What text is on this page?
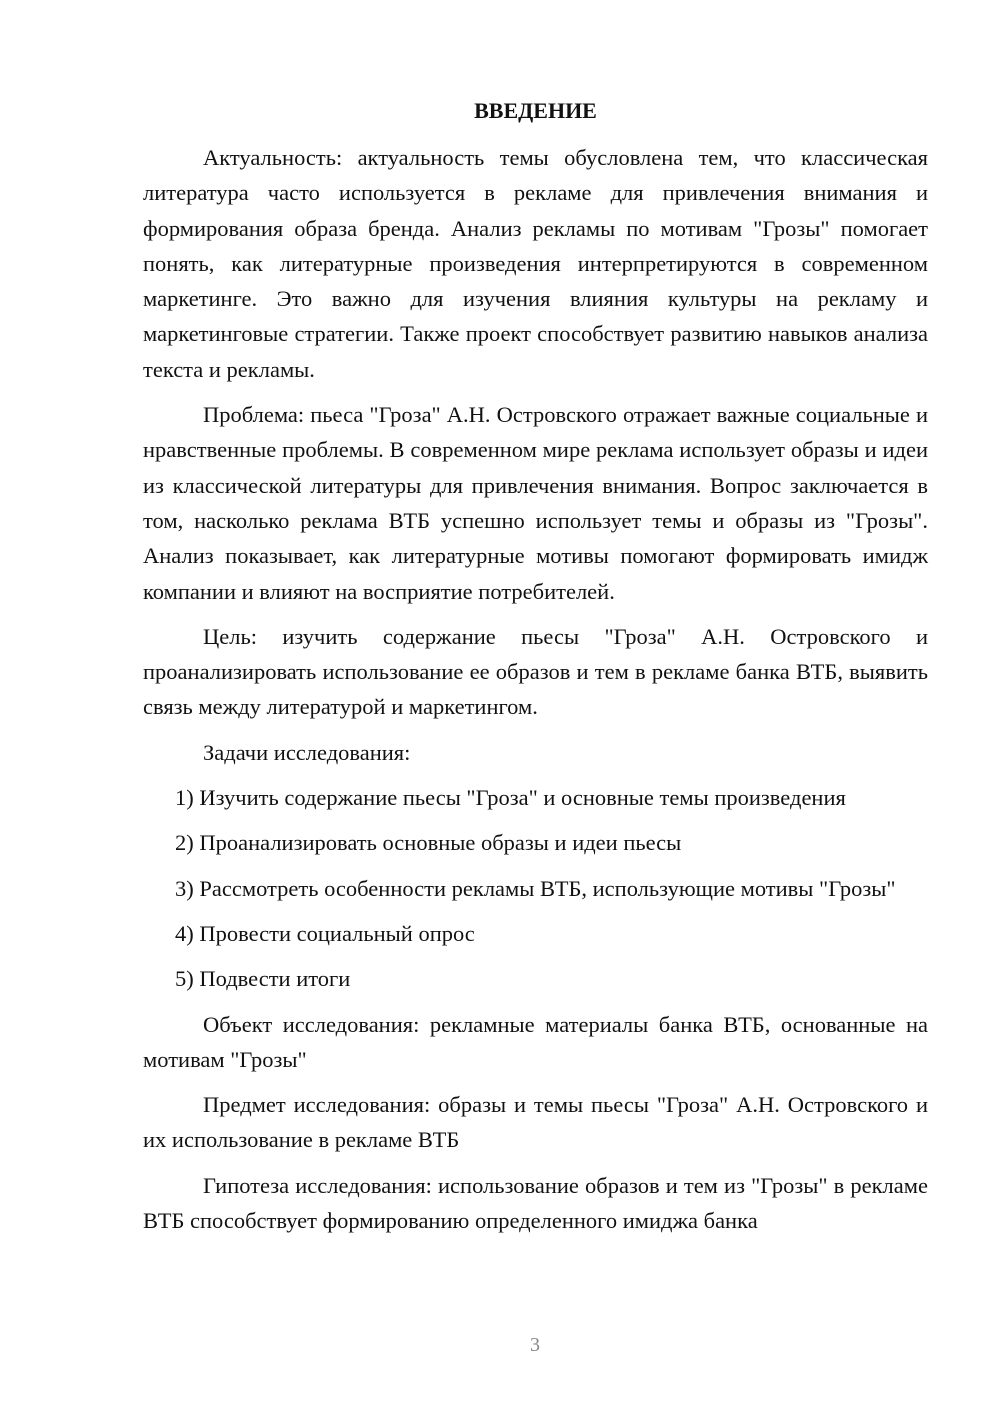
ВВЕДЕНИЕ

Актуальность: актуальность темы обусловлена тем, что классическая литература часто используется в рекламе для привлечения внимания и формирования образа бренда. Анализ рекламы по мотивам "Грозы" помогает понять, как литературные произведения интерпретируются в современном маркетинге. Это важно для изучения влияния культуры на рекламу и маркетинговые стратегии. Также проект способствует развитию навыков анализа текста и рекламы.

Проблема: пьеса "Гроза" А.Н. Островского отражает важные социальные и нравственные проблемы. В современном мире реклама использует образы и идеи из классической литературы для привлечения внимания. Вопрос заключается в том, насколько реклама ВТБ успешно использует темы и образы из "Грозы". Анализ показывает, как литературные мотивы помогают формировать имидж компании и влияют на восприятие потребителей.

Цель: изучить содержание пьесы "Гроза" А.Н. Островского и проанализировать использование ее образов и тем в рекламе банка ВТБ, выявить связь между литературой и маркетингом.

Задачи исследования:

1) Изучить содержание пьесы "Гроза" и основные темы произведения

2) Проанализировать основные образы и идеи пьесы

3) Рассмотреть особенности рекламы ВТБ, использующие мотивы "Грозы"

4) Провести социальный опрос

5) Подвести итоги

Объект исследования: рекламные материалы банка ВТБ, основанные на мотивам "Грозы"

Предмет исследования: образы и темы пьесы "Гроза" А.Н. Островского и их использование в рекламе ВТБ

Гипотеза исследования: использование образов и тем из "Грозы" в рекламе ВТБ способствует формированию определенного имиджа банка

3
